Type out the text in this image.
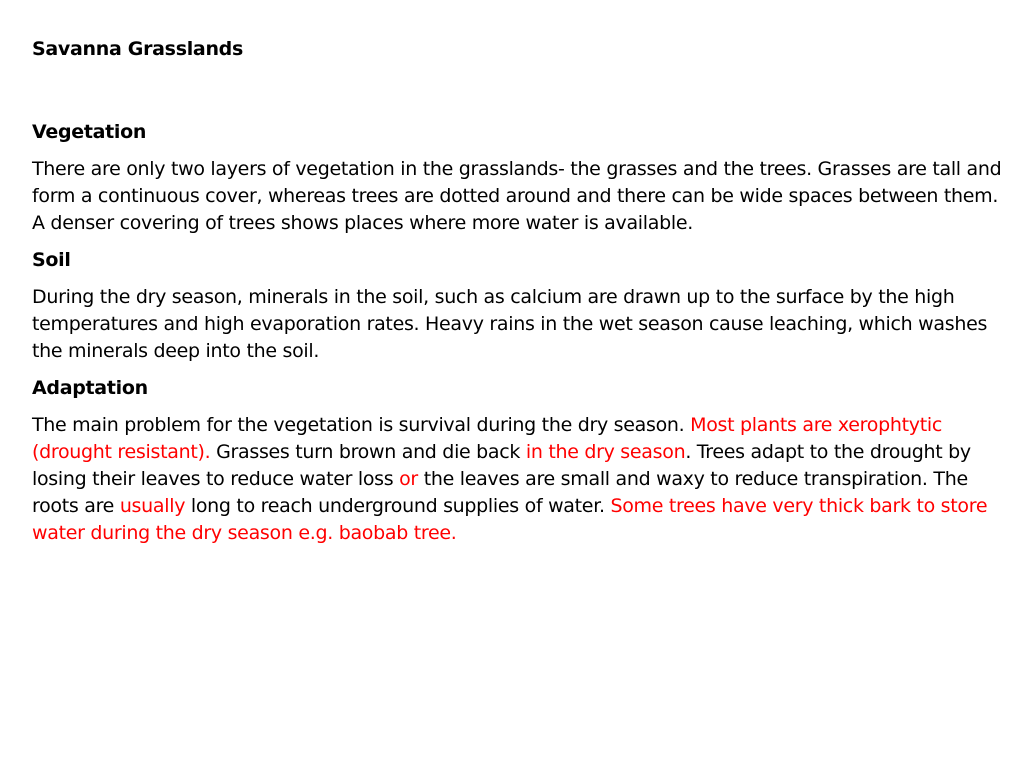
Savanna Grasslands

Vegetation

There are only two layers of vegetation in the grasslands- the grasses and the trees. Grasses are tall and form a continuous cover, whereas trees are dotted around and there can be wide spaces between them. A denser covering of trees shows places where more water is available.

Soil

During the dry season, minerals in the soil, such as calcium are drawn up to the surface by the high temperatures and high evaporation rates. Heavy rains in the wet season cause leaching, which washes the minerals deep into the soil.

Adaptation

The main problem for the vegetation is survival during the dry season. Most plants are xerophtytic (drought resistant). Grasses turn brown and die back in the dry season. Trees adapt to the drought by losing their leaves to reduce water loss or the leaves are small and waxy to reduce transpiration. The roots are usually long to reach underground supplies of water. Some trees have very thick bark to store water during the dry season e.g. baobab tree.
